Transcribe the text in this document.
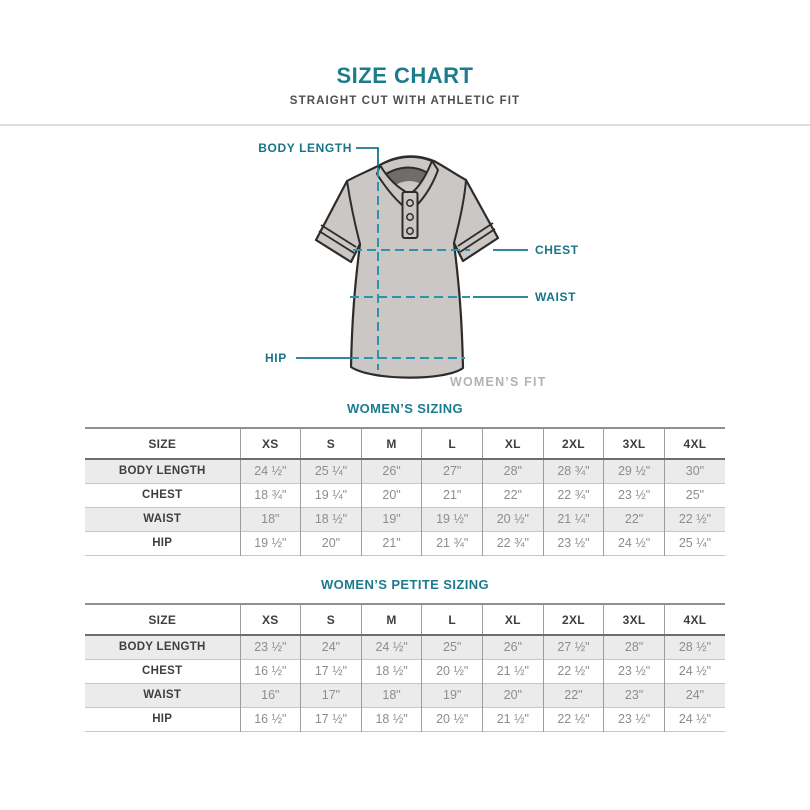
SIZE CHART
STRAIGHT CUT WITH ATHLETIC FIT
BODY LENGTH
CHEST
WAIST
HIP
WOMEN’S FIT
WOMEN’S SIZING
SIZE	XS	S	M	L	XL	2XL	3XL	4XL
BODY LENGTH	24 ½"	25 ¼"	26"	27"	28"	28 ¾"	29 ½"	30"
CHEST	18 ¾"	19 ¼"	20"	21"	22"	22 ¾"	23 ½"	25"
WAIST	18"	18 ½"	19"	19 ½"	20 ½"	21 ¼"	22"	22 ½"
HIP	19 ½"	20"	21"	21 ¾"	22 ¾"	23 ½"	24 ½"	25 ¼"
WOMEN’S PETITE SIZING
SIZE	XS	S	M	L	XL	2XL	3XL	4XL
BODY LENGTH	23 ½"	24"	24 ½"	25"	26"	27 ½"	28"	28 ½"
CHEST	16 ½"	17 ½"	18 ½"	20 ½"	21 ½"	22 ½"	23 ½"	24 ½"
WAIST	16"	17"	18"	19"	20"	22"	23"	24"
HIP	16 ½"	17 ½"	18 ½"	20 ½"	21 ½"	22 ½"	23 ½"	24 ½"
